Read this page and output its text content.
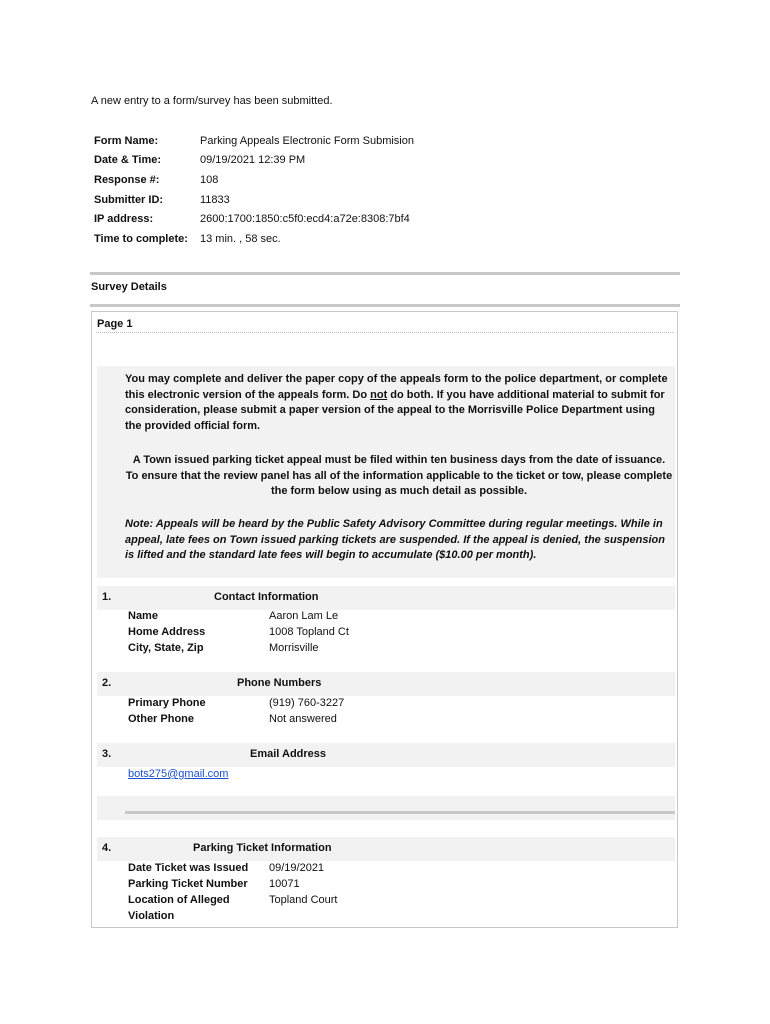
A new entry to a form/survey has been submitted.
Form Name:	Parking Appeals Electronic Form Submision
Date & Time:	09/19/2021 12:39 PM
Response #:	108
Submitter ID:	11833
IP address:	2600:1700:1850:c5f0:ecd4:a72e:8308:7bf4
Time to complete:	13 min. , 58 sec.
Survey Details
Page 1

You may complete and deliver the paper copy of the appeals form to the police department, or complete this electronic version of the appeals form. Do not do both. If you have additional material to submit for consideration, please submit a paper version of the appeal to the Morrisville Police Department using the provided official form.

A Town issued parking ticket appeal must be filed within ten business days from the date of issuance. To ensure that the review panel has all of the information applicable to the ticket or tow, please complete the form below using as much detail as possible.

Note: Appeals will be heard by the Public Safety Advisory Committee during regular meetings. While in appeal, late fees on Town issued parking tickets are suspended. If the appeal is denied, the suspension is lifted and the standard late fees will begin to accumulate ($10.00 per month).

1.	Contact Information
Name	Aaron Lam Le
Home Address	1008 Topland Ct
City, State, Zip	Morrisville
2.	Phone Numbers
Primary Phone	(919) 760-3227
Other Phone	Not answered
3.	Email Address
bots275@gmail.com
4.	Parking Ticket Information
Date Ticket was Issued	09/19/2021
Parking Ticket Number	10071
Location of Alleged	Topland Court
Violation
